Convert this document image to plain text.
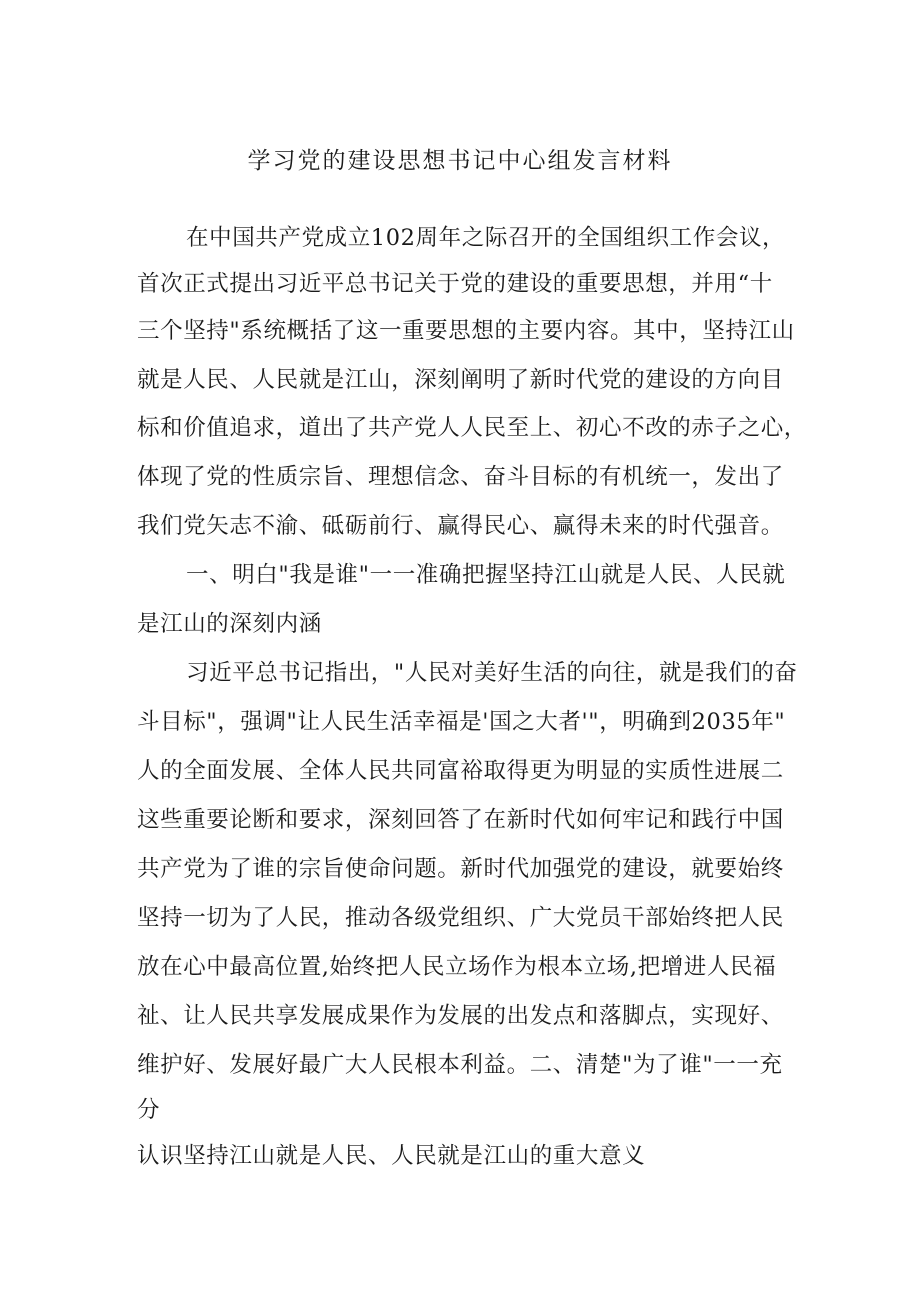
学习党的建设思想书记中心组发言材料
在中国共产党成立102周年之际召开的全国组织工作会议，
首次正式提出习近平总书记关于党的建设的重要思想，并用“十
三个坚持"系统概括了这一重要思想的主要内容。其中，坚持江山
就是人民、人民就是江山，深刻阐明了新时代党的建设的方向目
标和价值追求，道出了共产党人人民至上、初心不改的赤子之心，
体现了党的性质宗旨、理想信念、奋斗目标的有机统一，发出了
我们党矢志不渝、砥砺前行、赢得民心、赢得未来的时代强音。
一、明白"我是谁"一一准确把握坚持江山就是人民、人民就
是江山的深刻内涵
习近平总书记指出，"人民对美好生活的向往，就是我们的奋
斗目标"，强调"让人民生活幸福是'国之大者'"，明确到2035年"
人的全面发展、全体人民共同富裕取得更为明显的实质性进展二
这些重要论断和要求，深刻回答了在新时代如何牢记和践行中国
共产党为了谁的宗旨使命问题。新时代加强党的建设，就要始终
坚持一切为了人民，推动各级党组织、广大党员干部始终把人民
放在心中最高位置,始终把人民立场作为根本立场,把增进人民福
祉、让人民共享发展成果作为发展的出发点和落脚点，实现好、
维护好、发展好最广大人民根本利益。二、清楚"为了谁"一一充
分
认识坚持江山就是人民、人民就是江山的重大意义
